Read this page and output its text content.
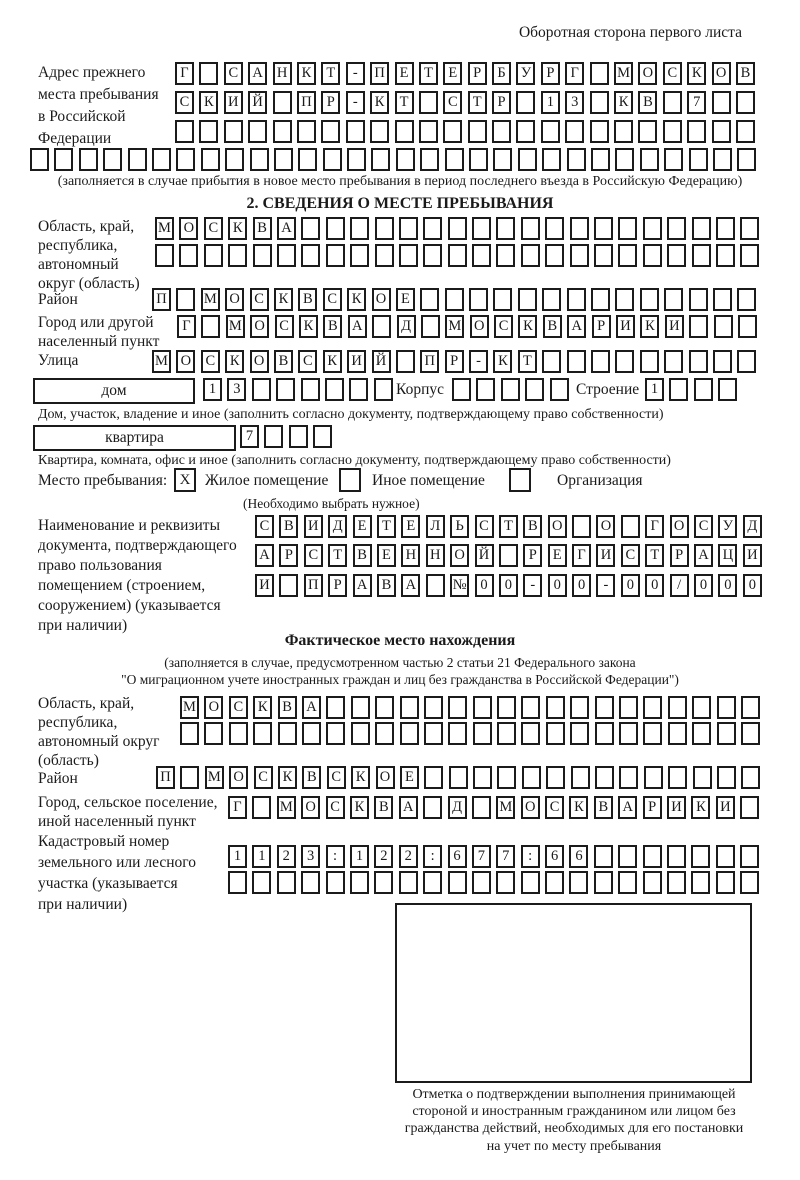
Оборотная сторона первого листа
Адрес прежнего
места пребывания
в Российской
Федерации
Г	С А Н К	Т	-	П	Е	Т	Е	Р	Б	У	Р	Г	М О С	К О В
С	К И Й	П	Р	-	К	Т	С	Т	Р	1	3	К	В	7
(заполняется в случае прибытия в новое место пребывания в период последнего въезда в Российскую Федерацию)
2. СВЕДЕНИЯ О МЕСТЕ ПРЕБЫВАНИЯ
Область, край,
республика,
автономный
округ (область)
М О С	К	В А
Район	П	М О С	К	В	С	К О	Е
Город или другой
населенный пункт
Г	М О С	К	В А	Д	М О С	К	В А	Р	И К И
Улица	М О С	К О В	С	К И Й	П	Р	-	К	Т
дом	1	3	Корпус	Строение 1
Дом, участок, владение и иное (заполнить согласно документу, подтверждающему право собственности)
квартира	7
Квартира, комната, офис и иное (заполнить согласно документу, подтверждающему право собственности)
Место пребывания: X Жилое помещение	Иное помещение	Организация
(Необходимо выбрать нужное)
Наименование и реквизиты
документа, подтверждающего
право пользования
помещением (строением,
сооружением) (указывается
при наличии)
С	В И Д	Е	Т	Е	Л	Ь	С	Т	В О	О	Г	О С У Д
А	Р	С	Т	В	Е	Н Н О Й	Р	Е	Г	И С	Т	Р	А Ц И
И	П	Р	А В А	№ 0	0	-	0	0	-	0	0	/	0	0	0
Фактическое место нахождения
(заполняется в случае, предусмотренном частью 2 статьи 21 Федерального закона
"О миграционном учете иностранных граждан и лиц без гражданства в Российской Федерации")
Область, край,
республика,
автономный округ
(область)
М О С	К	В А
Район	П	М О С	К	В	С	К О	Е
Город, сельское поселение,
иной населенный пункт
Г	М О С	К	В А	Д	М О С	К	В А	Р	И К И
Кадастровый номер
земельного или лесного
участка (указывается
при наличии)
1	1	2	3	:	1	2	2	:	6	7	7	:	6	6
Отметка о подтверждении выполнения принимающей
стороной и иностранным гражданином или лицом без
гражданства действий, необходимых для его постановки
на учет по месту пребывания
